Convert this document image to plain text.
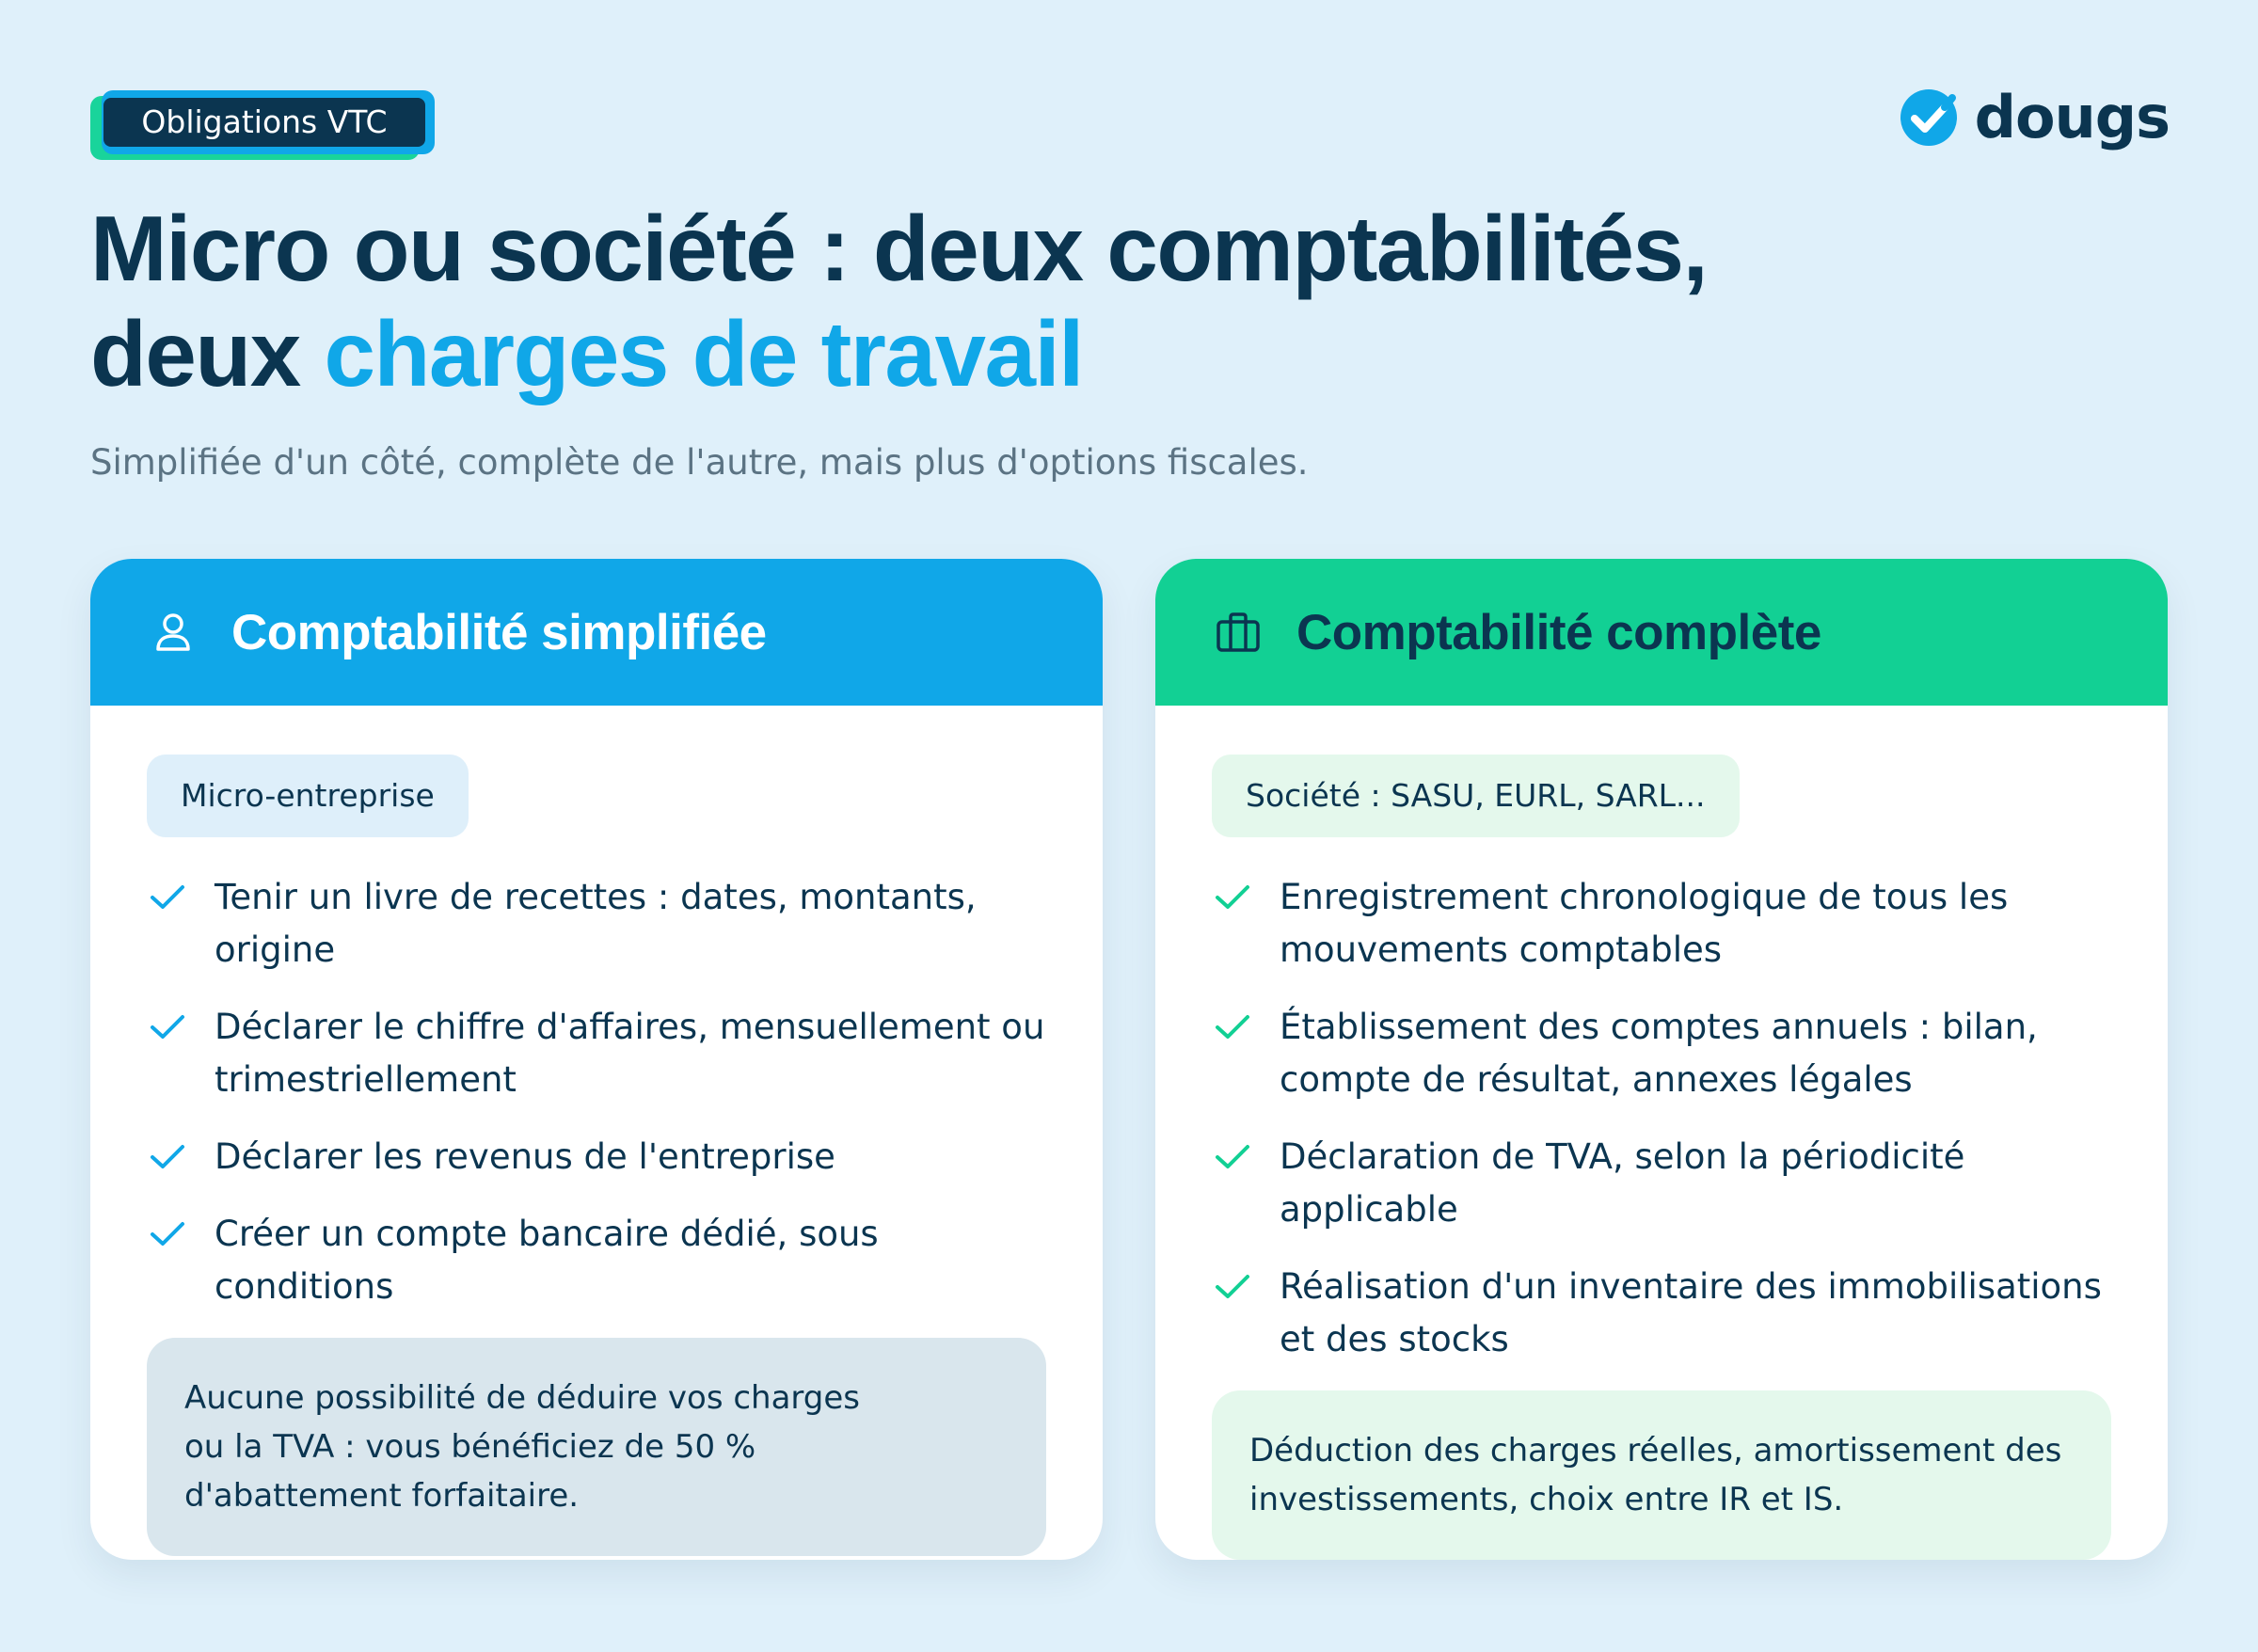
Obligations VTC	dougs
Micro ou société : deux comptabilités,
deux charges de travail

Simplifiée d'un côté, complète de l'autre, mais plus d'options fiscales.

Comptabilité simplifiée
Micro-entreprise
Tenir un livre de recettes : dates, montants, origine
Déclarer le chiffre d'affaires, mensuellement ou trimestriellement
Déclarer les revenus de l'entreprise
Créer un compte bancaire dédié, sous conditions
Aucune possibilité de déduire vos charges ou la TVA : vous bénéficiez de 50 % d'abattement forfaitaire.
Comptabilité complète
Société : SASU, EURL, SARL...
Enregistrement chronologique de tous les mouvements comptables
Établissement des comptes annuels : bilan, compte de résultat, annexes légales
Déclaration de TVA, selon la périodicité applicable
Réalisation d'un inventaire des immobilisations et des stocks
Déduction des charges réelles, amortissement des investissements, choix entre IR et IS.
